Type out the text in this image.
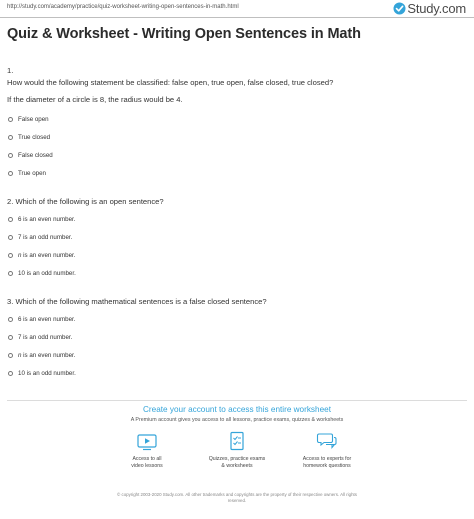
http://study.com/academy/practice/quiz-worksheet-writing-open-sentences-in-math.html	Study.com
Quiz & Worksheet - Writing Open Sentences in Math
1.
How would the following statement be classified: false open, true open, false closed, true closed?
If the diameter of a circle is 8, the radius would be 4.
False open
True closed
False closed
True open
2. Which of the following is an open sentence?
6 is an even number.
7 is an odd number.
n is an even number.
10 is an odd number.
3. Which of the following mathematical sentences is a false closed sentence?
6 is an even number.
7 is an odd number.
n is an even number.
10 is an odd number.
Create your account to access this entire worksheet
A Premium account gives you access to all lessons, practice exams, quizzes & worksheets
Access to all
video lessons
Quizzes, practice exams
& worksheets
Access to experts for
homework questions
© copyright 2003-2020 Study.com. All other trademarks and copyrights are the property of their respective owners. All rights
reserved.
